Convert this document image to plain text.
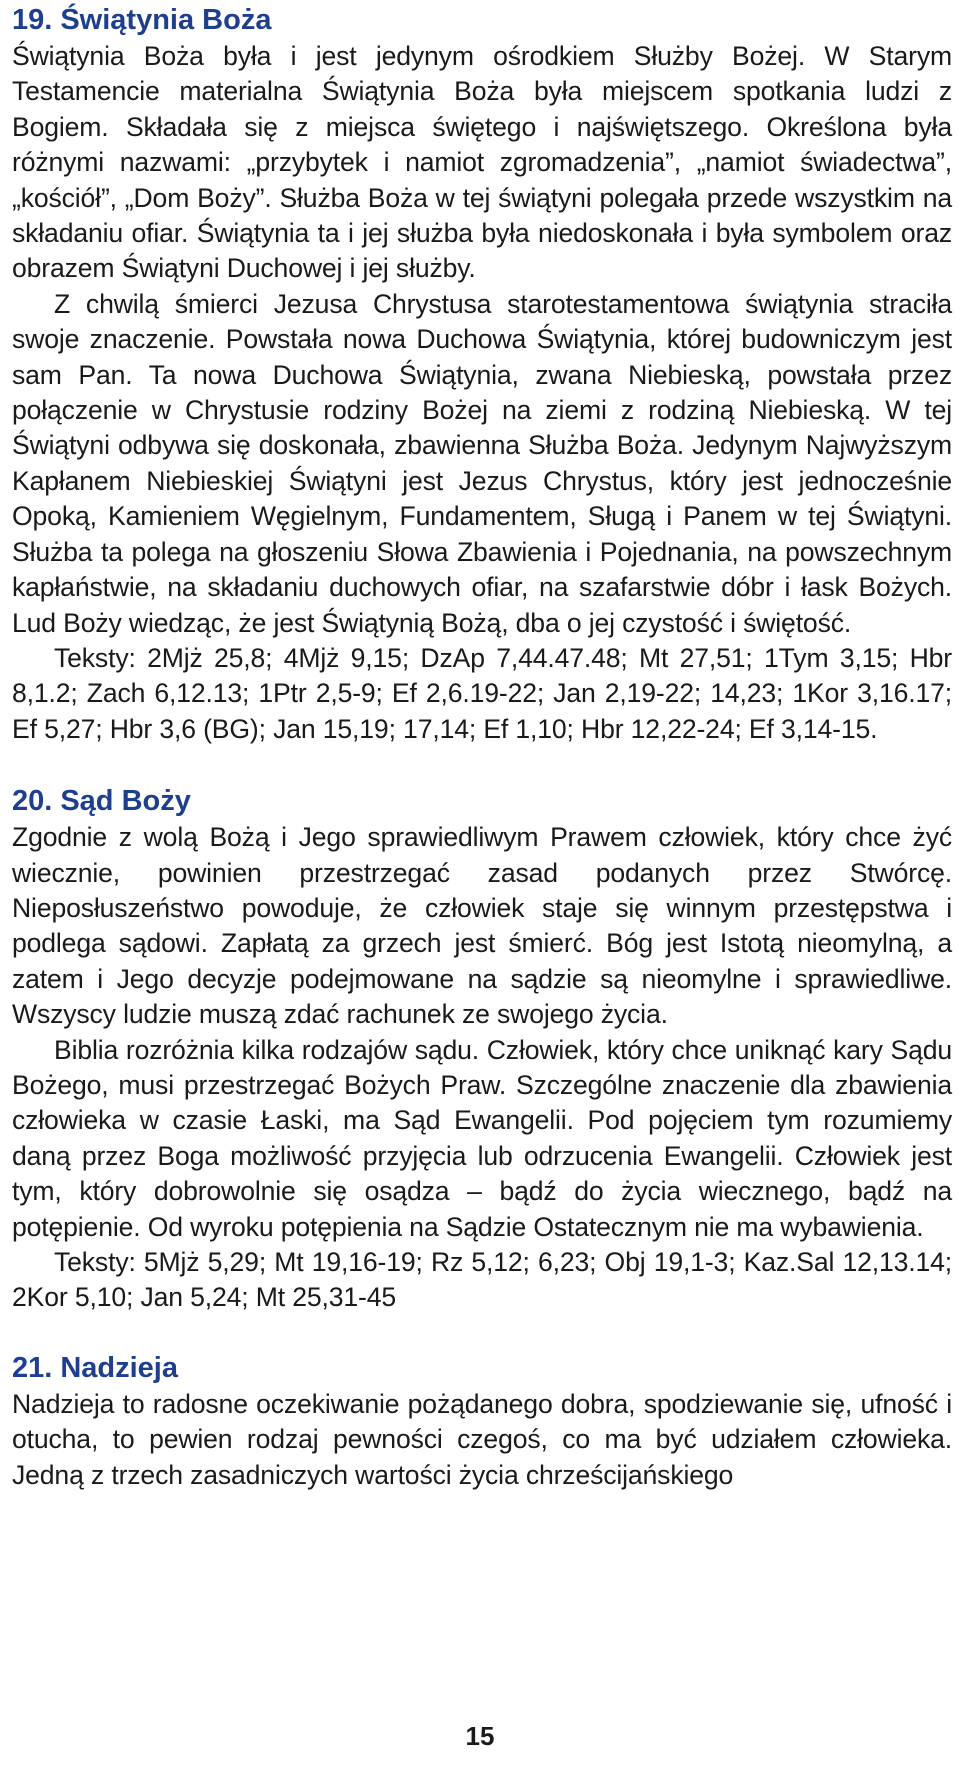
19. Świątynia Boża

Świątynia Boża była i jest jedynym ośrodkiem Służby Bożej. W Starym Testamencie materialna Świątynia Boża była miejscem spotkania ludzi z Bogiem. Składała się z miejsca świętego i najświętszego. Określona była różnymi nazwami: „przybytek i namiot zgromadzenia”, „namiot świadectwa”, „kościół”, „Dom Boży”. Służba Boża w tej świątyni polegała przede wszystkim na składaniu ofiar. Świątynia ta i jej służba była niedoskonała i była symbolem oraz obrazem Świątyni Duchowej i jej służby.

Z chwilą śmierci Jezusa Chrystusa starotestamentowa świątynia straciła swoje znaczenie. Powstała nowa Duchowa Świątynia, której budowniczym jest sam Pan. Ta nowa Duchowa Świątynia, zwana Niebieską, powstała przez połączenie w Chrystusie rodziny Bożej na ziemi z rodziną Niebieską. W tej Świątyni odbywa się doskonała, zbawienna Służba Boża. Jedynym Najwyższym Kapłanem Niebieskiej Świątyni jest Jezus Chrystus, który jest jednocześnie Opoką, Kamieniem Węgielnym, Fundamentem, Sługą i Panem w tej Świątyni. Służba ta polega na głoszeniu Słowa Zbawienia i Pojednania, na powszechnym kapłaństwie, na składaniu duchowych ofiar, na szafarstwie dóbr i łask Bożych. Lud Boży wiedząc, że jest Świątynią Bożą, dba o jej czystość i świętość.

Teksty: 2Mjż 25,8; 4Mjż 9,15; DzAp 7,44.47.48; Mt 27,51; 1Tym 3,15; Hbr 8,1.2; Zach 6,12.13; 1Ptr 2,5-9; Ef 2,6.19-22; Jan 2,19-22; 14,23; 1Kor 3,16.17; Ef 5,27; Hbr 3,6 (BG); Jan 15,19; 17,14; Ef 1,10; Hbr 12,22-24; Ef 3,14-15.

20. Sąd Boży

Zgodnie z wolą Bożą i Jego sprawiedliwym Prawem człowiek, który chce żyć wiecznie, powinien przestrzegać zasad podanych przez Stwórcę. Nieposłuszeństwo powoduje, że człowiek staje się winnym przestępstwa i podlega sądowi. Zapłatą za grzech jest śmierć. Bóg jest Istotą nieomylną, a zatem i Jego decyzje podejmowane na sądzie są nieomylne i sprawiedliwe. Wszyscy ludzie muszą zdać rachunek ze swojego życia.

Biblia rozróżnia kilka rodzajów sądu. Człowiek, który chce uniknąć kary Sądu Bożego, musi przestrzegać Bożych Praw. Szczególne znaczenie dla zbawienia człowieka w czasie Łaski, ma Sąd Ewangelii. Pod pojęciem tym rozumiemy daną przez Boga możliwość przyjęcia lub odrzucenia Ewangelii. Człowiek jest tym, który dobrowolnie się osądza – bądź do życia wiecznego, bądź na potępienie. Od wyroku potępienia na Sądzie Ostatecznym nie ma wybawienia.

Teksty: 5Mjż 5,29; Mt 19,16-19; Rz 5,12; 6,23; Obj 19,1-3; Kaz.Sal 12,13.14; 2Kor 5,10; Jan 5,24; Mt 25,31-45

21. Nadzieja

Nadzieja to radosne oczekiwanie pożądanego dobra, spodziewanie się, ufność i otucha, to pewien rodzaj pewności czegoś, co ma być udziałem człowieka. Jedną z trzech zasadniczych wartości życia chrześcijańskiego

15
